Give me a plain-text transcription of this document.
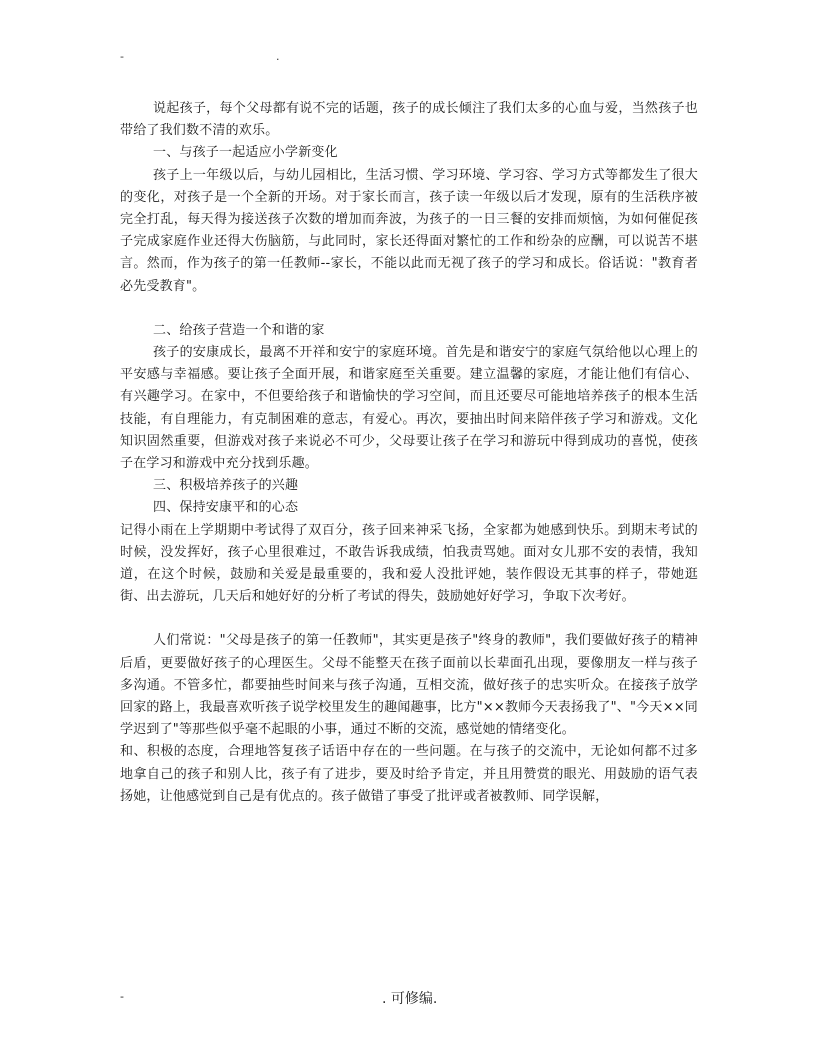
-	.

说起孩子，每个父母都有说不完的话题，孩子的成长倾注了我们太多的心血与爱，当然孩子也带给了我们数不清的欢乐。

一、与孩子一起适应小学新变化

孩子上一年级以后，与幼儿园相比，生活习惯、学习环境、学习容、学习方式等都发生了很大的变化，对孩子是一个全新的开场。对于家长而言，孩子读一年级以后才发现，原有的生活秩序被完全打乱，每天得为接送孩子次数的增加而奔波，为孩子的一日三餐的安排而烦恼，为如何催促孩子完成家庭作业还得大伤脑筋，与此同时，家长还得面对繁忙的工作和纷杂的应酬，可以说苦不堪言。然而，作为孩子的第一任教师--家长，不能以此而无视了孩子的学习和成长。俗话说："教育者必先受教育"。

二、给孩子营造一个和谐的家

孩子的安康成长，最离不开祥和安宁的家庭环境。首先是和谐安宁的家庭气氛给他以心理上的平安感与幸福感。要让孩子全面开展，和谐家庭至关重要。建立温馨的家庭，才能让他们有信心、有兴趣学习。在家中，不但要给孩子和谐愉快的学习空间，而且还要尽可能地培养孩子的根本生活技能，有自理能力，有克制困难的意志，有爱心。再次，要抽出时间来陪伴孩子学习和游戏。文化知识固然重要，但游戏对孩子来说必不可少，父母要让孩子在学习和游玩中得到成功的喜悦，使孩子在学习和游戏中充分找到乐趣。

三、积极培养孩子的兴趣

四、保持安康平和的心态

记得小雨在上学期期中考试得了双百分，孩子回来神采飞扬，全家都为她感到快乐。到期末考试的时候，没发挥好，孩子心里很难过，不敢告诉我成绩，怕我责骂她。面对女儿那不安的表情，我知道，在这个时候，鼓励和关爱是最重要的，我和爱人没批评她，装作假设无其事的样子，带她逛街、出去游玩，几天后和她好好的分析了考试的得失，鼓励她好好学习，争取下次考好。

人们常说："父母是孩子的第一任教师"，其实更是孩子"终身的教师"，我们要做好孩子的精神后盾，更要做好孩子的心理医生。父母不能整天在孩子面前以长辈面孔出现，要像朋友一样与孩子多沟通。不管多忙，都要抽些时间来与孩子沟通，互相交流，做好孩子的忠实听众。在接孩子放学回家的路上，我最喜欢听孩子说学校里发生的趣闻趣事，比方"××教师今天表扬我了"、"今天××同学迟到了"等那些似乎毫不起眼的小事，通过不断的交流，感觉她的情绪变化。

和、积极的态度，合理地答复孩子话语中存在的一些问题。在与孩子的交流中，无论如何都不过多地拿自己的孩子和别人比，孩子有了进步，要及时给予肯定，并且用赞赏的眼光、用鼓励的语气表扬她，让他感觉到自己是有优点的。孩子做错了事受了批评或者被教师、同学误解，

-	. 可修编.
